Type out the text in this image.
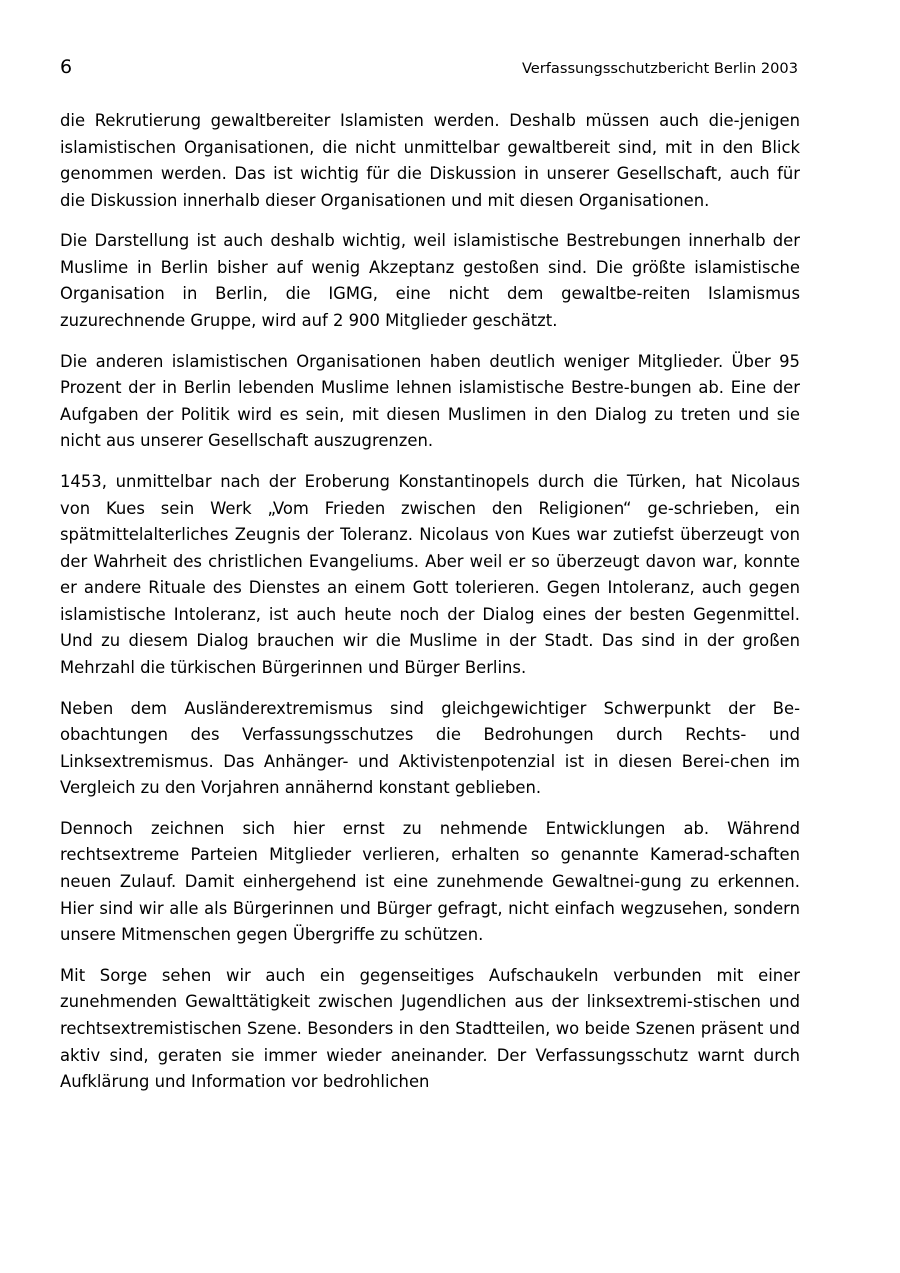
6	Verfassungsschutzbericht Berlin 2003

die Rekrutierung gewaltbereiter Islamisten werden. Deshalb müssen auch die-jenigen islamistischen Organisationen, die nicht unmittelbar gewaltbereit sind, mit in den Blick genommen werden. Das ist wichtig für die Diskussion in unserer Gesellschaft, auch für die Diskussion innerhalb dieser Organisationen und mit diesen Organisationen.

Die Darstellung ist auch deshalb wichtig, weil islamistische Bestrebungen innerhalb der Muslime in Berlin bisher auf wenig Akzeptanz gestoßen sind. Die größte islamistische Organisation in Berlin, die IGMG, eine nicht dem gewaltbe-reiten Islamismus zuzurechnende Gruppe, wird auf 2 900 Mitglieder geschätzt.

Die anderen islamistischen Organisationen haben deutlich weniger Mitglieder. Über 95 Prozent der in Berlin lebenden Muslime lehnen islamistische Bestre-bungen ab. Eine der Aufgaben der Politik wird es sein, mit diesen Muslimen in den Dialog zu treten und sie nicht aus unserer Gesellschaft auszugrenzen.

1453, unmittelbar nach der Eroberung Konstantinopels durch die Türken, hat Nicolaus von Kues sein Werk „Vom Frieden zwischen den Religionen“ ge-schrieben, ein spätmittelalterliches Zeugnis der Toleranz. Nicolaus von Kues war zutiefst überzeugt von der Wahrheit des christlichen Evangeliums. Aber weil er so überzeugt davon war, konnte er andere Rituale des Dienstes an einem Gott tolerieren. Gegen Intoleranz, auch gegen islamistische Intoleranz, ist auch heute noch der Dialog eines der besten Gegenmittel. Und zu diesem Dialog brauchen wir die Muslime in der Stadt. Das sind in der großen Mehrzahl die türkischen Bürgerinnen und Bürger Berlins.

Neben dem Ausländerextremismus sind gleichgewichtiger Schwerpunkt der Be-obachtungen des Verfassungsschutzes die Bedrohungen durch Rechts- und Linksextremismus. Das Anhänger- und Aktivistenpotenzial ist in diesen Berei-chen im Vergleich zu den Vorjahren annähernd konstant geblieben.

Dennoch zeichnen sich hier ernst zu nehmende Entwicklungen ab. Während rechtsextreme Parteien Mitglieder verlieren, erhalten so genannte Kamerad-schaften neuen Zulauf. Damit einhergehend ist eine zunehmende Gewaltnei-gung zu erkennen. Hier sind wir alle als Bürgerinnen und Bürger gefragt, nicht einfach wegzusehen, sondern unsere Mitmenschen gegen Übergriffe zu schützen.

Mit Sorge sehen wir auch ein gegenseitiges Aufschaukeln verbunden mit einer zunehmenden Gewalttätigkeit zwischen Jugendlichen aus der linksextremi-stischen und rechtsextremistischen Szene. Besonders in den Stadtteilen, wo beide Szenen präsent und aktiv sind, geraten sie immer wieder aneinander. Der Verfassungsschutz warnt durch Aufklärung und Information vor bedrohlichen
